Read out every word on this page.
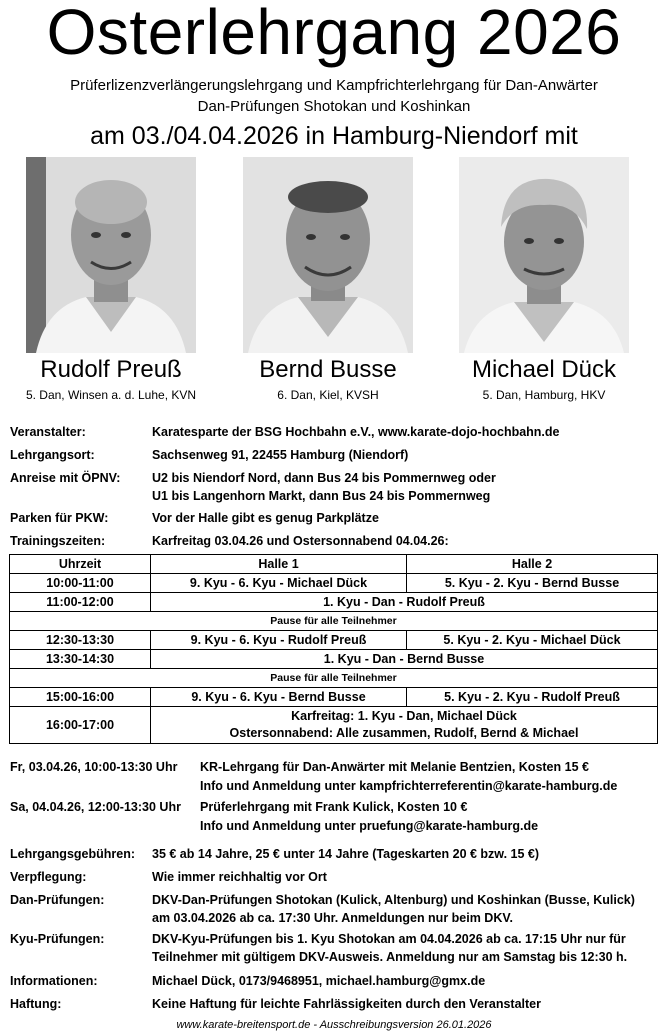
Osterlehrgang 2026
Prüferlizenzverlängerungslehrgang und Kampfrichterlehrgang für Dan-Anwärter
Dan-Prüfungen Shotokan und Koshinkan
am 03./04.04.2026 in Hamburg-Niendorf mit
Rudolf Preuß	Bernd Busse	Michael Dück
5. Dan, Winsen a. d. Luhe, KVN	6. Dan, Kiel, KVSH	5. Dan, Hamburg, HKV
Veranstalter:	Karatesparte der BSG Hochbahn e.V., www.karate-dojo-hochbahn.de
Lehrgangsort:	Sachsenweg 91, 22455 Hamburg (Niendorf)
Anreise mit ÖPNV:	U2 bis Niendorf Nord, dann Bus 24 bis Pommernweg oder
U1 bis Langenhorn Markt, dann Bus 24 bis Pommernweg
Parken für PKW:	Vor der Halle gibt es genug Parkplätze
Trainingszeiten:	Karfreitag 03.04.26 und Ostersonnabend 04.04.26:
Uhrzeit	Halle 1	Halle 2
10:00-11:00	9. Kyu - 6. Kyu - Michael Dück	5. Kyu - 2. Kyu - Bernd Busse
11:00-12:00	1. Kyu - Dan - Rudolf Preuß	
Pause für alle Teilnehmer		
12:30-13:30	9. Kyu - 6. Kyu - Rudolf Preuß	5. Kyu - 2. Kyu - Michael Dück
13:30-14:30	1. Kyu - Dan - Bernd Busse	
Pause für alle Teilnehmer		
15:00-16:00	9. Kyu - 6. Kyu - Bernd Busse	5. Kyu - 2. Kyu - Rudolf Preuß
16:00-17:00	Karfreitag: 1. Kyu - Dan, Michael Dück
Ostersonnabend: Alle zusammen, Rudolf, Bernd & Michael	
Fr, 03.04.26, 10:00-13:30 Uhr	KR-Lehrgang für Dan-Anwärter mit Melanie Bentzien, Kosten 15 €
Info und Anmeldung unter kampfrichterreferentin@karate-hamburg.de
Sa, 04.04.26, 12:00-13:30 Uhr	Prüferlehrgang mit Frank Kulick, Kosten 10 €
Info und Anmeldung unter pruefung@karate-hamburg.de
Lehrgangsgebühren:	35 € ab 14 Jahre, 25 € unter 14 Jahre (Tageskarten 20 € bzw. 15 €)
Verpflegung:	Wie immer reichhaltig vor Ort
Dan-Prüfungen:	DKV-Dan-Prüfungen Shotokan (Kulick, Altenburg) und Koshinkan (Busse, Kulick)
am 03.04.2026 ab ca. 17:30 Uhr. Anmeldungen nur beim DKV.
Kyu-Prüfungen:	DKV-Kyu-Prüfungen bis 1. Kyu Shotokan am 04.04.2026 ab ca. 17:15 Uhr nur für
Teilnehmer mit gültigem DKV-Ausweis. Anmeldung nur am Samstag bis 12:30 h.
Informationen:	Michael Dück, 0173/9468951, michael.hamburg@gmx.de
Haftung:	Keine Haftung für leichte Fahrlässigkeiten durch den Veranstalter
www.karate-breitensport.de - Ausschreibungsversion 26.01.2026
